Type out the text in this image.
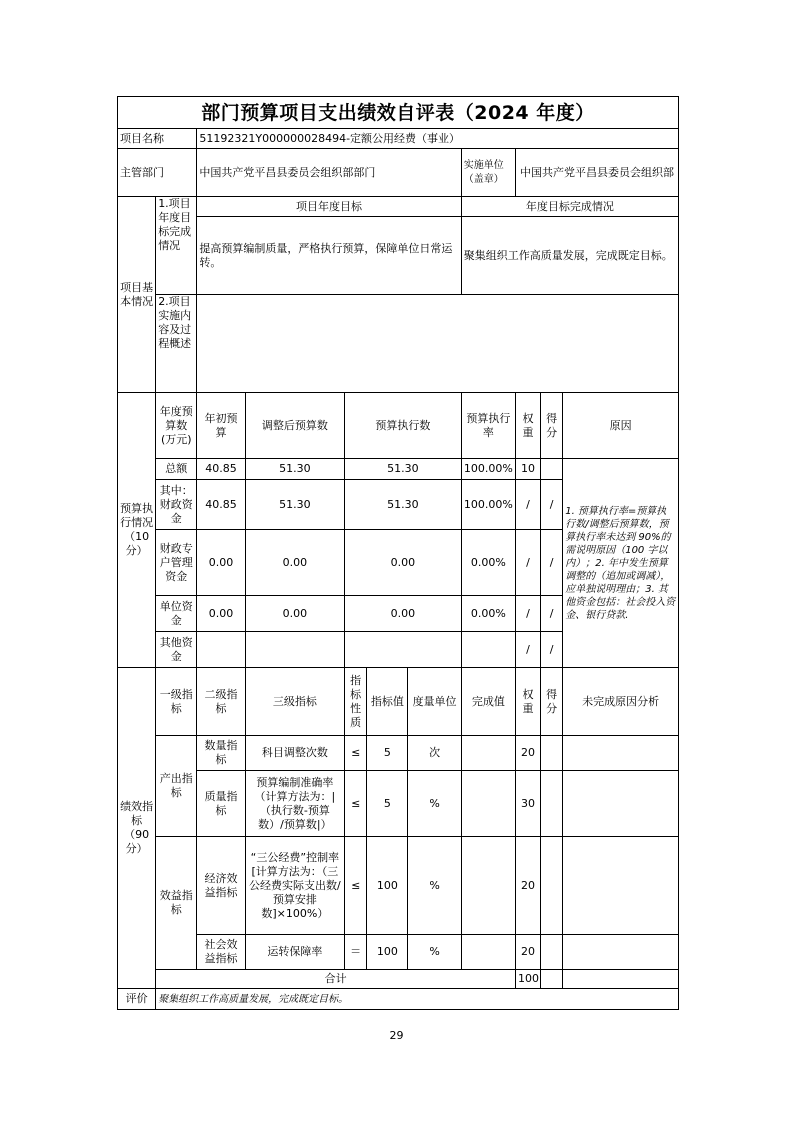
部门预算项目支出绩效自评表（2024 年度）										
项目名称		51192321Y000000028494-定额公用经费（事业）								
主管部门		中国共产党平昌县委员会组织部部门					实施单位（盖章）	中国共产党平昌县委员会组织部		
项目基本情况	1.项目年度目标完成情况	项目年度目标					年度目标完成情况			
		提高预算编制质量，严格执行预算，保障单位日常运转。					聚集组织工作高质量发展，完成既定目标。			
	2.项目实施内容及过程概述									

预算执行情况（10分）	年度预算数(万元)	年初预算	调整后预算数	预算执行数			预算执行率	权重	得分	原因
	总额	40.85	51.30	51.30			100.00%	10		1. 预算执行率=预算执行数/调整后预算数，预算执行率未达到 90%的需说明原因（100 字以内）；2. 年中发生预算调整的（追加或调减），应单独说明理由；3. 其他资金包括：社会投入资金、银行贷款.
	其中：财政资金	40.85	51.30	51.30			100.00%	/	/	
	财政专户管理资金	0.00	0.00	0.00			0.00%	/	/	
	单位资金	0.00	0.00	0.00			0.00%	/	/	
	其他资金							/	/	

绩效指标（90分）	一级指标	二级指标	三级指标	指标性质	指标值	度量单位	完成值	权重	得分	未完成原因分析
	产出指标	数量指标	科目调整次数	≤	5	次		20		
		质量指标	预算编制准确率（计算方法为：|（执行数-预算数）/预算数|）	≤	5	%		30		
	效益指标	经济效益指标	“三公经费”控制率[计算方法为：（三公经费实际支出数/预算安排数]×100%）	≤	100	%		20		
		社会效益指标	运转保障率	＝	100	%		20		
	合计							100		

评价	聚集组织工作高质量发展，完成既定目标。									
29
